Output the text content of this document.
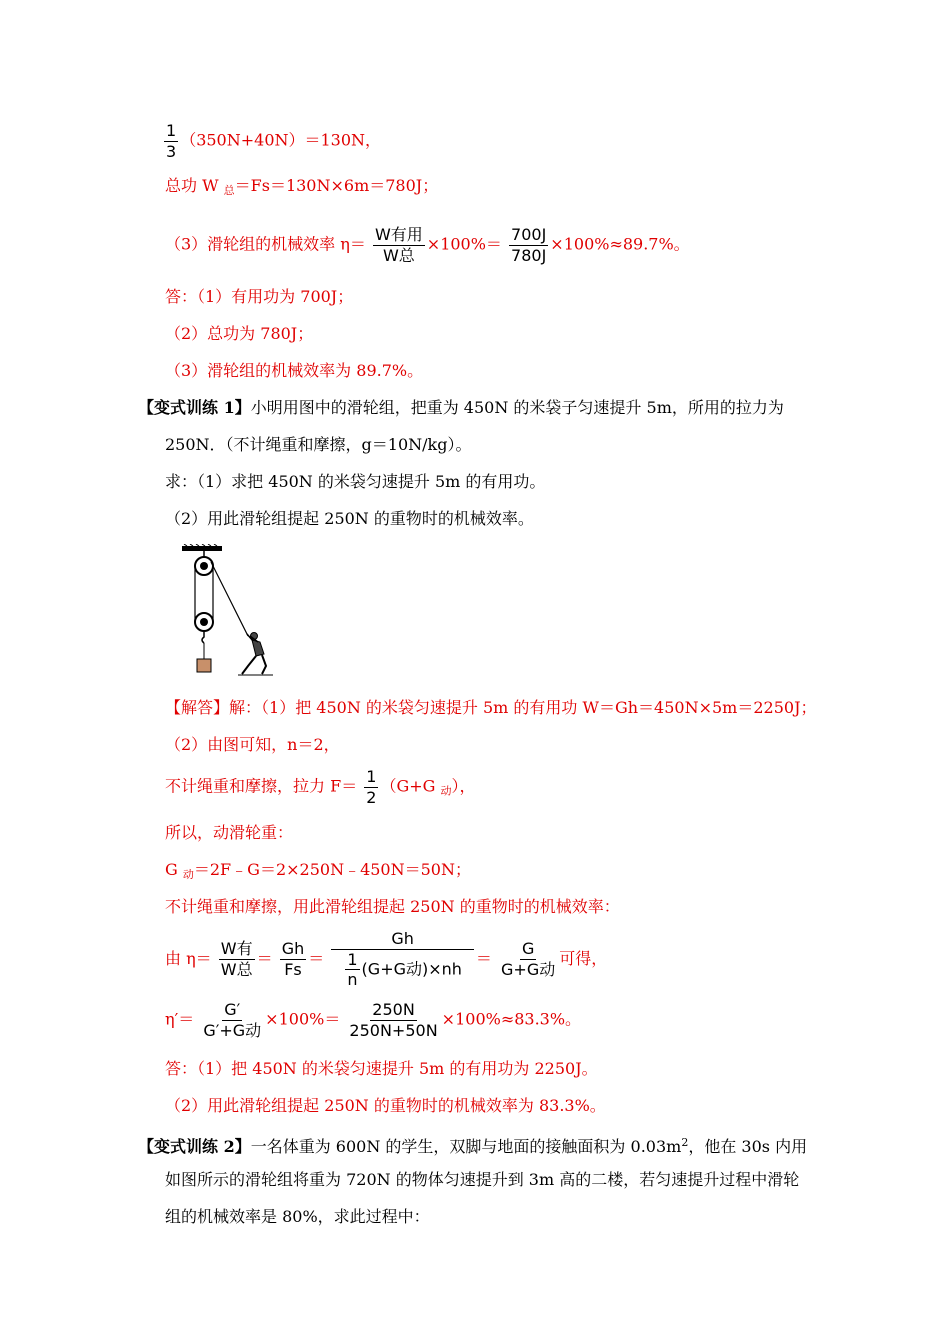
$\frac{1}{3} (350N+40N)=130N$，
总功 W $_总$＝Fs＝130N×6m＝780J；
（3）滑轮组的机械效率 $\eta= \frac{\text{W有用}}{\text{W总}} \times 100\%= \frac{700J}{780J} \times 100\%\approx 89.7\%$。
答：（1）有用功为 700J；
（2）总功为 780J；
（3）滑轮组的机械效率为 89.7%。
【变式训练 1】小明用图中的滑轮组，把重为 450N 的米袋子匀速提升 5m，所用的拉力为
250N．（不计绳重和摩擦，g＝10N/kg）。
求：（1）求把 450N 的米袋匀速提升 5m 的有用功。
（2）用此滑轮组提起 250N 的重物时的机械效率。
【解答】解：（1）把 450N 的米袋匀速提升 5m 的有用功 W＝Gh＝450N×5m＝2250J；
（2）由图可知，n＝2，
不计绳重和摩擦，拉力 $F= \frac{1}{2} (G+G$ $_动$），
所以，动滑轮重：
G $_动$＝2F﹣G＝2×250N﹣450N＝50N；
不计绳重和摩擦，用此滑轮组提起 250N 的重物时的机械效率：
由 $\eta= \frac{\text{W有}}{\text{W总}} = \frac{Gh}{Fs} = \frac{Gh}{\frac{1}{n} (G+G动)\times nh} = \frac{G}{\text{G+G动}}$ 可得，
$\eta'= \frac{G'}{\text{G′+G动}} \times 100\%= \frac{250N}{250N+50N} \times 100\%\approx 83.3\%$。
答：（1）把 450N 的米袋匀速提升 5m 的有用功为 2250J。
（2）用此滑轮组提起 250N 的重物时的机械效率为 83.3%。
【变式训练 2】一名体重为 600N 的学生，双脚与地面的接触面积为 $0.03m^2$，他在 30s 内用
如图所示的滑轮组将重为 720N 的物体匀速提升到 3m 高的二楼，若匀速提升过程中滑轮
组的机械效率是 80%，求此过程中：
